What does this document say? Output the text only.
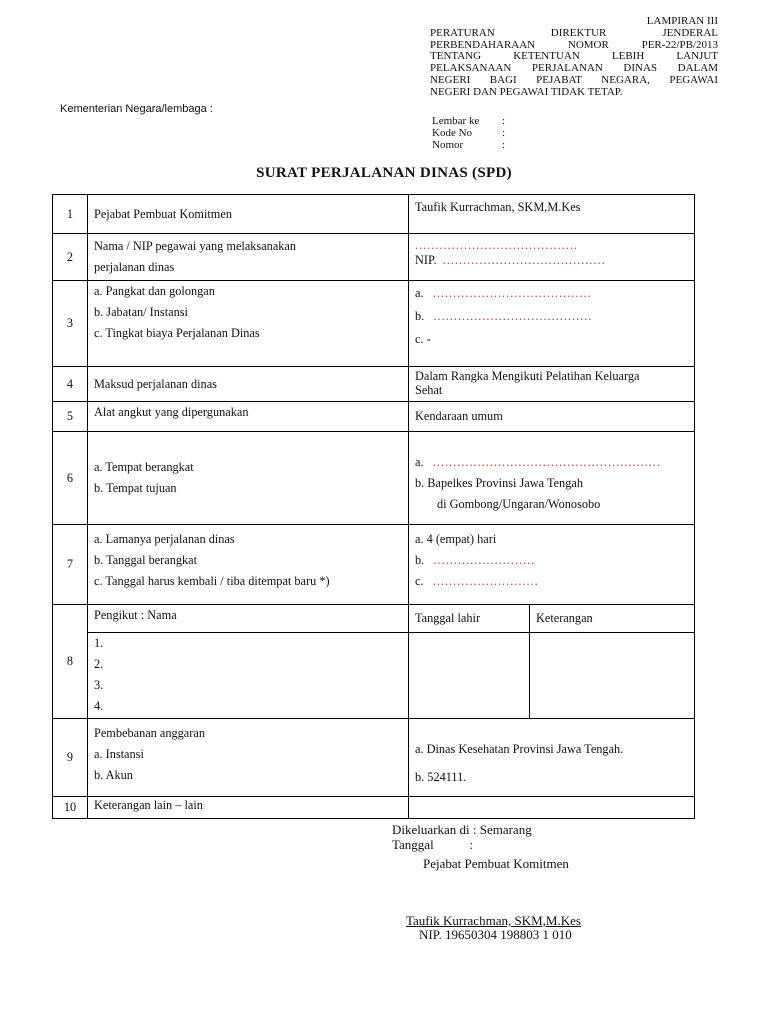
LAMPIRAN III
PERATURAN DIREKTUR JENDERAL
PERBENDAHARAAN NOMOR PER-22/PB/2013
TENTANG KETENTUAN LEBIH LANJUT
PELAKSANAAN PERJALANAN DINAS DALAM
NEGERI BAGI PEJABAT NEGARA, PEGAWAI
NEGERI DAN PEGAWAI TIDAK TETAP.
Kementerian Negara/lembaga :
Lembar ke :
Kode No	:
Nomor	:
SURAT PERJALANAN DINAS (SPD)
1	Pejabat Pembuat Komitmen	Taufik Kurrachman, SKM,M.Kes	

2	Nama / NIP pegawai yang melaksanakan
perjalanan dinas	........................................
NIP. ........................................	

3	a. Pangkat dan golongan
b. Jabatan/ Instansi
c. Tingkat biaya Perjalanan Dinas	a. .......................................
b. .......................................
c. -	

4	Maksud perjalanan dinas	Dalam Rangka Mengikuti Pelatihan Keluarga
Sehat	

5	Alat angkut yang dipergunakan	Kendaraan umum	

6	a. Tempat berangkat
b. Tempat tujuan	a. ........................................................
b. Bapelkes Provinsi Jawa Tengah
di Gombong/Ungaran/Wonosobo	

7	a. Lamanya perjalanan dinas
b. Tanggal berangkat
c. Tanggal harus kembali / tiba ditempat baru *)	a. 4 (empat) hari
b. .........................
c. ..........................	

8	Pengikut : Nama	Tanggal lahir	Keterangan

	1.
2.
3.
4.		

9	Pembebanan anggaran
a. Instansi
b. Akun	a. Dinas Kesehatan Provinsi Jawa Tengah.
b. 524111.	

10	Keterangan lain – lain		

Dikeluarkan di : Semarang
Tanggal           :
Pejabat Pembuat Komitmen
Taufik Kurrachman, SKM,M.Kes
NIP. 19650304 198803 1 010
